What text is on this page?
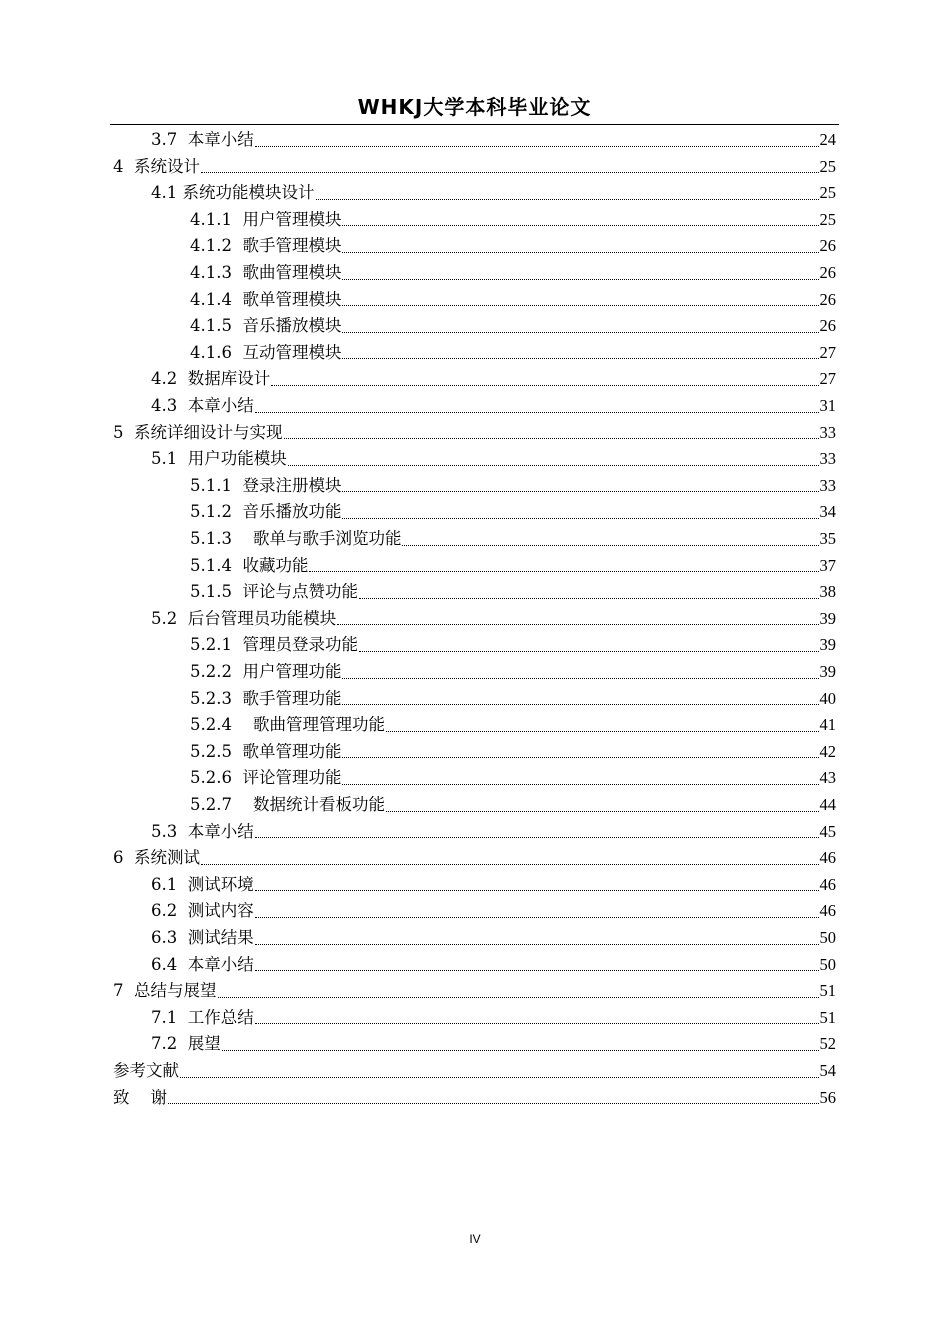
WHKJ大学本科毕业论文
3.7  本章小结	24
4  系统设计	25
4.1 系统功能模块设计	25
4.1.1  用户管理模块	25
4.1.2  歌手管理模块	26
4.1.3  歌曲管理模块	26
4.1.4  歌单管理模块	26
4.1.5  音乐播放模块	26
4.1.6  互动管理模块	27
4.2  数据库设计	27
4.3  本章小结	31
5  系统详细设计与实现	33
5.1  用户功能模块	33
5.1.1  登录注册模块	33
5.1.2  音乐播放功能	34
5.1.3    歌单与歌手浏览功能	35
5.1.4  收藏功能	37
5.1.5  评论与点赞功能	38
5.2  后台管理员功能模块	39
5.2.1  管理员登录功能	39
5.2.2  用户管理功能	39
5.2.3  歌手管理功能	40
5.2.4    歌曲管理管理功能	41
5.2.5  歌单管理功能	42
5.2.6  评论管理功能	43
5.2.7    数据统计看板功能	44
5.3  本章小结	45
6  系统测试	46
6.1  测试环境	46
6.2  测试内容	46
6.3  测试结果	50
6.4  本章小结	50
7  总结与展望	51
7.1  工作总结	51
7.2  展望	52
参考文献	54
致    谢	56
IV
